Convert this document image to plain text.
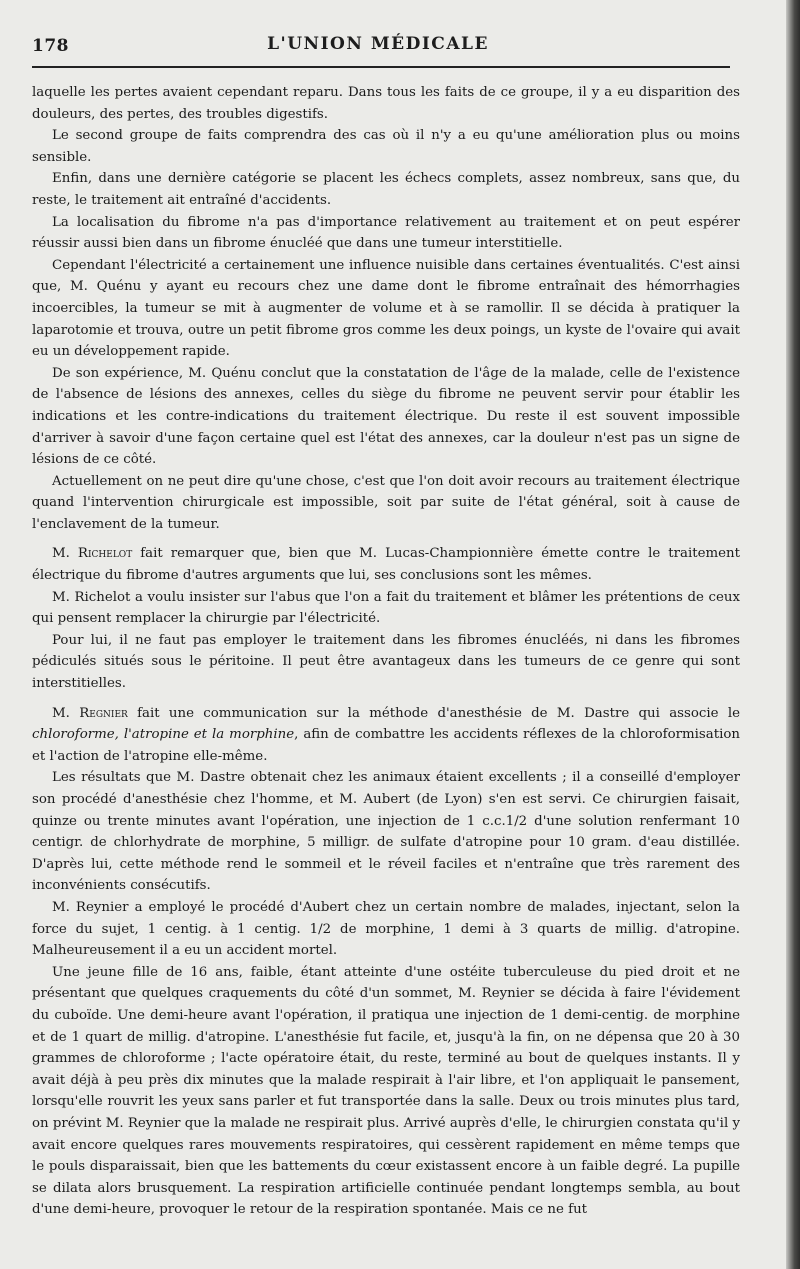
178	L'UNION MÉDICALE

laquelle les pertes avaient cependant reparu. Dans tous les faits de ce groupe, il y a eu disparition des douleurs, des pertes, des troubles digestifs.

Le second groupe de faits comprendra des cas où il n'y a eu qu'une amélioration plus ou moins sensible.

Enfin, dans une dernière catégorie se placent les échecs complets, assez nombreux, sans que, du reste, le traitement ait entraîné d'accidents.

La localisation du fibrome n'a pas d'importance relativement au traitement et on peut espérer réussir aussi bien dans un fibrome énucléé que dans une tumeur interstitielle.

Cependant l'électricité a certainement une influence nuisible dans certaines éventualités. C'est ainsi que, M. Quénu y ayant eu recours chez une dame dont le fibrome entraînait des hémorrhagies incoercibles, la tumeur se mit à augmenter de volume et à se ramollir. Il se décida à pratiquer la laparotomie et trouva, outre un petit fibrome gros comme les deux poings, un kyste de l'ovaire qui avait eu un développement rapide.

De son expérience, M. Quénu conclut que la constatation de l'âge de la malade, celle de l'existence de l'absence de lésions des annexes, celles du siège du fibrome ne peuvent servir pour établir les indications et les contre-indications du traitement électrique. Du reste il est souvent impossible d'arriver à savoir d'une façon certaine quel est l'état des annexes, car la douleur n'est pas un signe de lésions de ce côté.

Actuellement on ne peut dire qu'une chose, c'est que l'on doit avoir recours au traitement électrique quand l'intervention chirurgicale est impossible, soit par suite de l'état général, soit à cause de l'enclavement de la tumeur.

M. Richelot fait remarquer que, bien que M. Lucas-Championnière émette contre le traitement électrique du fibrome d'autres arguments que lui, ses conclusions sont les mêmes.

M. Richelot a voulu insister sur l'abus que l'on a fait du traitement et blâmer les prétentions de ceux qui pensent remplacer la chirurgie par l'électricité.

Pour lui, il ne faut pas employer le traitement dans les fibromes énucléés, ni dans les fibromes pédiculés situés sous le péritoine. Il peut être avantageux dans les tumeurs de ce genre qui sont interstitielles.

M. Regnier fait une communication sur la méthode d'anesthésie de M. Dastre qui associe le chloroforme, l'atropine et la morphine, afin de combattre les accidents réflexes de la chloroformisation et l'action de l'atropine elle-même.

Les résultats que M. Dastre obtenait chez les animaux étaient excellents ; il a conseillé d'employer son procédé d'anesthésie chez l'homme, et M. Aubert (de Lyon) s'en est servi. Ce chirurgien faisait, quinze ou trente minutes avant l'opération, une injection de 1 c.c.1/2 d'une solution renfermant 10 centigr. de chlorhydrate de morphine, 5 milligr. de sulfate d'atropine pour 10 gram. d'eau distillée. D'après lui, cette méthode rend le sommeil et le réveil faciles et n'entraîne que très rarement des inconvénients consécutifs.

M. Reynier a employé le procédé d'Aubert chez un certain nombre de malades, injectant, selon la force du sujet, 1 centig. à 1 centig. 1/2 de morphine, 1 demi à 3 quarts de millig. d'atropine. Malheureusement il a eu un accident mortel.

Une jeune fille de 16 ans, faible, étant atteinte d'une ostéite tuberculeuse du pied droit et ne présentant que quelques craquements du côté d'un sommet, M. Reynier se décida à faire l'évidement du cuboïde. Une demi-heure avant l'opération, il pratiqua une injection de 1 demi-centig. de morphine et de 1 quart de millig. d'atropine. L'anesthésie fut facile, et, jusqu'à la fin, on ne dépensa que 20 à 30 grammes de chloroforme ; l'acte opératoire était, du reste, terminé au bout de quelques instants. Il y avait déjà à peu près dix minutes que la malade respirait à l'air libre, et l'on appliquait le pansement, lorsqu'elle rouvrit les yeux sans parler et fut transportée dans la salle. Deux ou trois minutes plus tard, on prévint M. Reynier que la malade ne respirait plus. Arrivé auprès d'elle, le chirurgien constata qu'il y avait encore quelques rares mouvements respiratoires, qui cessèrent rapidement en même temps que le pouls disparaissait, bien que les battements du cœur existassent encore à un faible degré. La pupille se dilata alors brusquement. La respiration artificielle continuée pendant longtemps sembla, au bout d'une demi-heure, provoquer le retour de la respiration spontanée. Mais ce ne fut
